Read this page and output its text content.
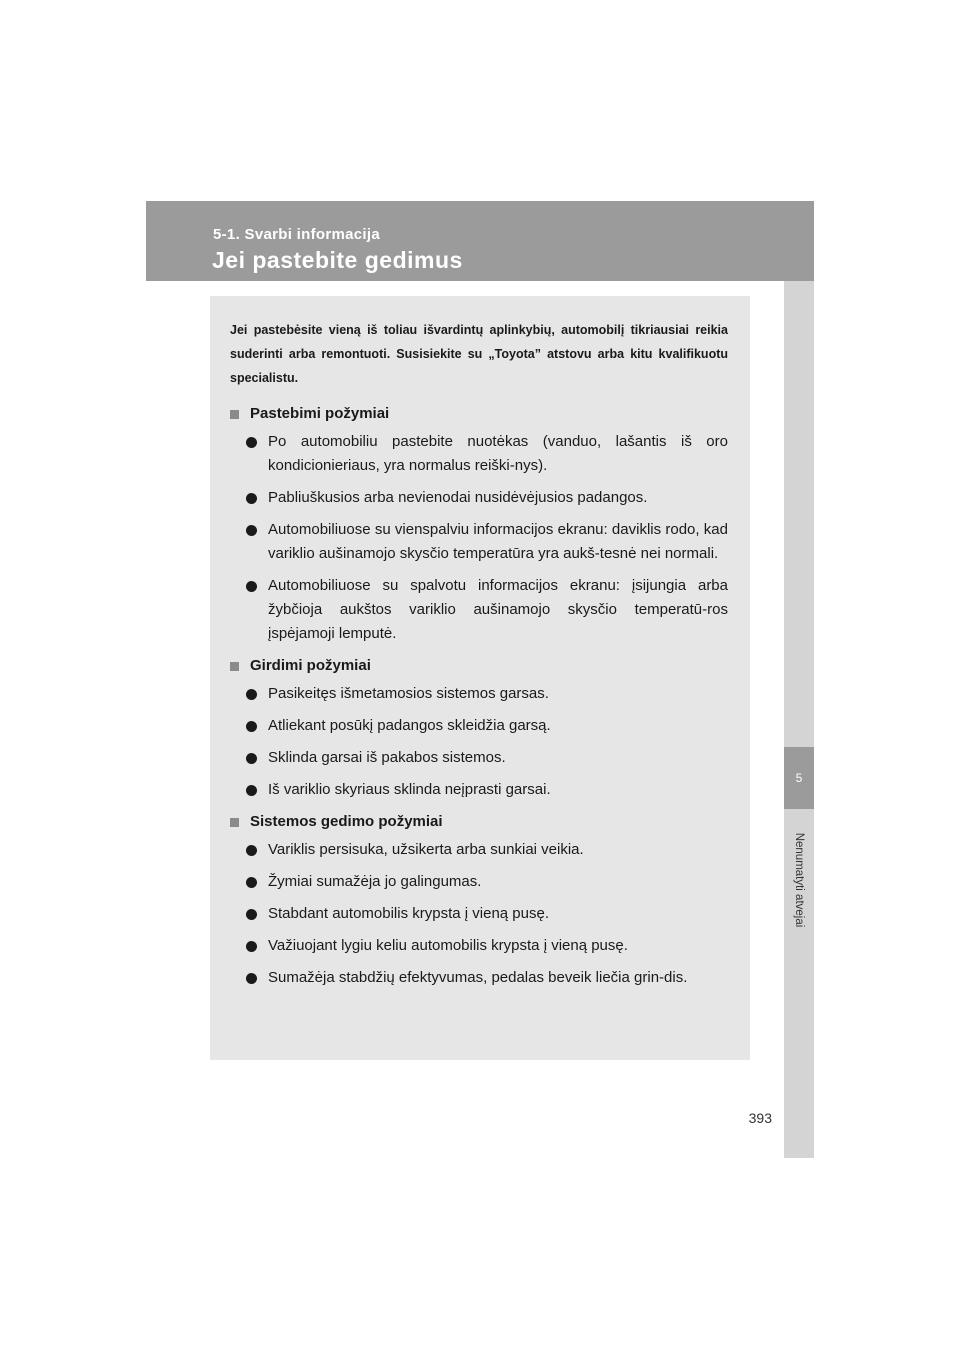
5-1. Svarbi informacija
Jei pastebite gedimus
5
Nenumatyti atvejai

Jei pastebėsite vieną iš toliau išvardintų aplinkybių, automobilį tikriausiai reikia suderinti arba remontuoti. Susisiekite su „Toyota” atstovu arba kitu kvalifikuotu specialistu.

Pastebimi požymiai
Po automobiliu pastebite nuotėkas (vanduo, lašantis iš oro kondicionieriaus, yra normalus reiški-nys).
Pabliuškusios arba nevienodai nusidėvėjusios padangos.
Automobiliuose su vienspalviu informacijos ekranu: daviklis rodo, kad variklio aušinamojo skysčio temperatūra yra aukš-tesnė nei normali.
Automobiliuose su spalvotu informacijos ekranu: įsijungia arba žybčioja aukštos variklio aušinamojo skysčio temperatū-ros įspėjamoji lemputė.
Girdimi požymiai
Pasikeitęs išmetamosios sistemos garsas.
Atliekant posūkį padangos skleidžia garsą.
Sklinda garsai iš pakabos sistemos.
Iš variklio skyriaus sklinda neįprasti garsai.
Sistemos gedimo požymiai
Variklis persisuka, užsikerta arba sunkiai veikia.
Žymiai sumažėja jo galingumas.
Stabdant automobilis krypsta į vieną pusę.
Važiuojant lygiu keliu automobilis krypsta į vieną pusę.
Sumažėja stabdžių efektyvumas, pedalas beveik liečia grin-dis.
393
